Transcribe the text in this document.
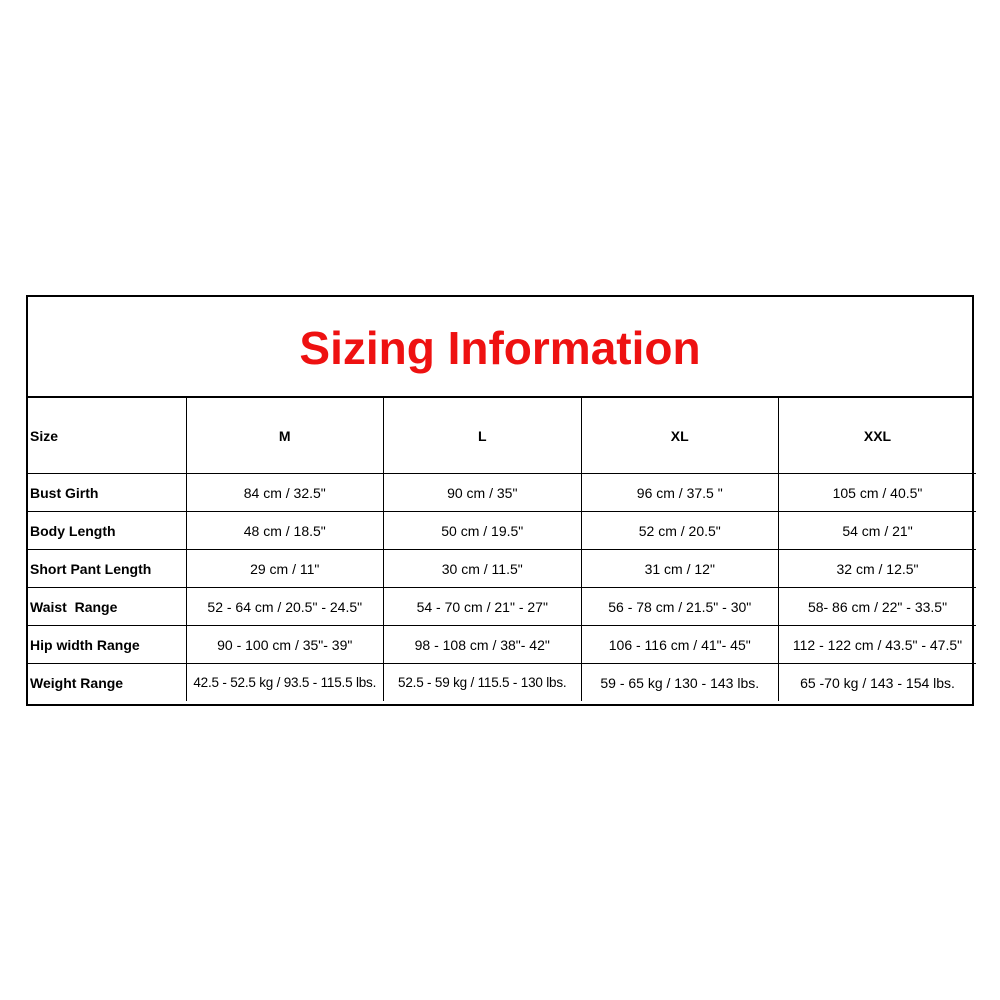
Sizing Information
Size	M	L	XL	XXL
Bust Girth	84 cm / 32.5"	90 cm / 35"	96 cm / 37.5 "	105 cm / 40.5"
Body Length	48 cm / 18.5"	50 cm / 19.5"	52 cm / 20.5"	54 cm / 21"
Short Pant Length	29 cm / 11"	30 cm / 11.5"	31 cm / 12"	32 cm / 12.5"
Waist  Range	52 - 64 cm / 20.5" - 24.5"	54 - 70 cm / 21" - 27"	56 - 78 cm / 21.5" - 30"	58- 86 cm / 22" - 33.5"
Hip width Range	90 - 100 cm / 35"- 39"	98 - 108 cm / 38"- 42"	106 - 116 cm / 41"- 45"	112 - 122 cm / 43.5" - 47.5"
Weight Range	42.5 - 52.5 kg / 93.5 - 115.5 lbs.	52.5 - 59 kg / 115.5 - 130 lbs.	59 - 65 kg / 130 - 143 lbs.	65 -70 kg / 143 - 154 lbs.
